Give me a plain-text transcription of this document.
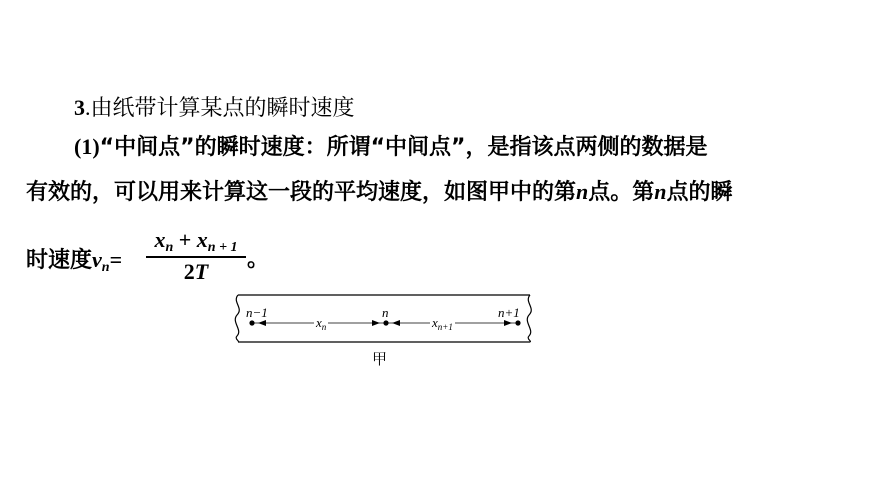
3.由纸带计算某点的瞬时速度
(1)“中间点”的瞬时速度：所谓“中间点”，是指该点两侧的数据是
有效的，可以用来计算这一段的平均速度，如图甲中的第n点。第n点的瞬
时速度$v_n=$
$x_n + x_{n + 1}$
2T	。
n−1	n	n+1
$x_n$	$x_{n+1}$
甲
